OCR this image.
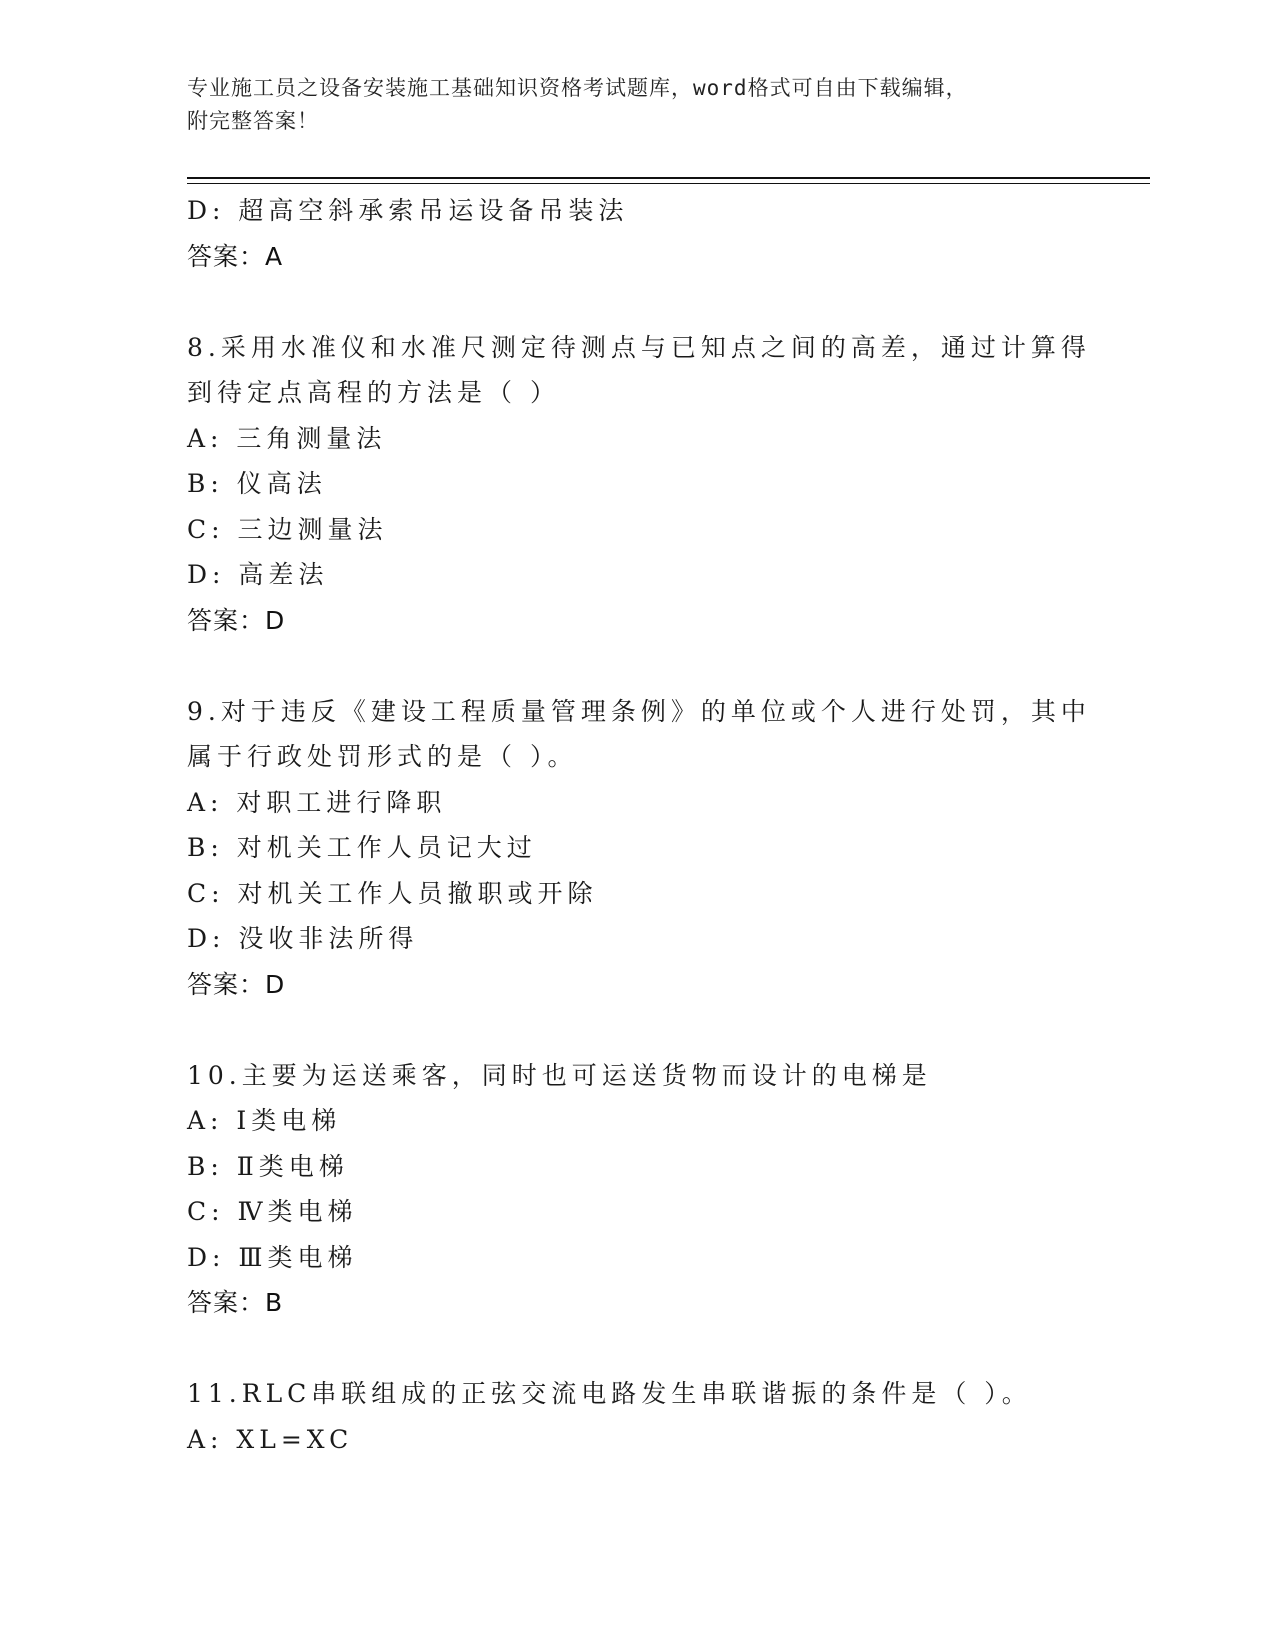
专业施工员之设备安装施工基础知识资格考试题库，word格式可自由下载编辑，
附完整答案！
D: 超高空斜承索吊运设备吊装法
答案：A
8.采用水准仪和水准尺测定待测点与已知点之间的高差，通过计算得
到待定点高程的方法是（ ）
A: 三角测量法
B: 仪高法
C: 三边测量法
D: 高差法
答案：D
9.对于违反《建设工程质量管理条例》的单位或个人进行处罚，其中
属于行政处罚形式的是（ ）。
A: 对职工进行降职
B: 对机关工作人员记大过
C: 对机关工作人员撤职或开除
D: 没收非法所得
答案：D
10.主要为运送乘客，同时也可运送货物而设计的电梯是
A: Ⅰ类电梯
B: Ⅱ类电梯
C: Ⅳ类电梯
D: Ⅲ类电梯
答案：B
11.RLC串联组成的正弦交流电路发生串联谐振的条件是（ ）。
A: XL=XC
